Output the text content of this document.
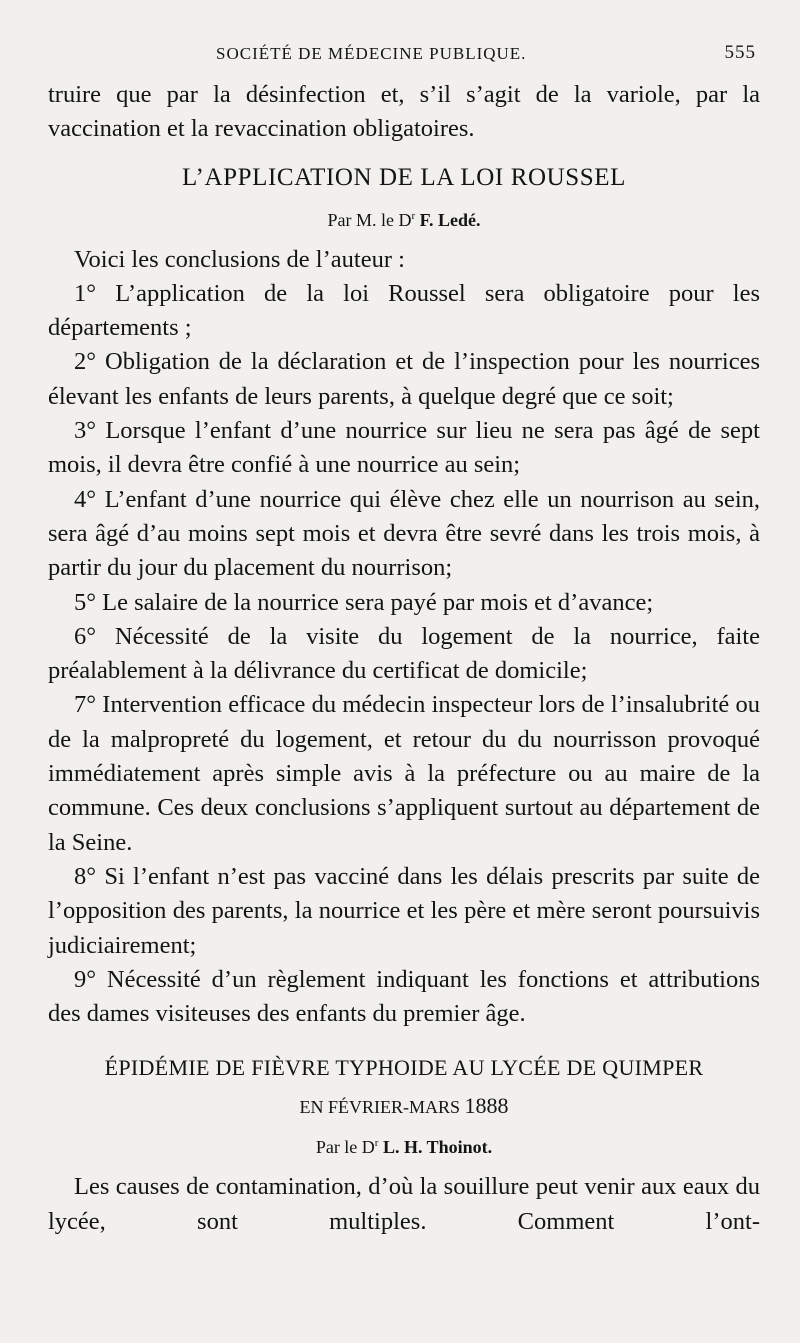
SOCIÉTÉ DE MÉDECINE PUBLIQUE.	555

truire que par la désinfection et, s’il s’agit de la variole, par la vaccination et la revaccination obligatoires.

L’APPLICATION DE LA LOI ROUSSEL
Par M. le $D^r$ F. Ledé.

Voici les conclusions de l’auteur :

1° L’application de la loi Roussel sera obligatoire pour les départements ;

2° Obligation de la déclaration et de l’inspection pour les nourrices élevant les enfants de leurs parents, à quelque degré que ce soit;

3° Lorsque l’enfant d’une nourrice sur lieu ne sera pas âgé de sept mois, il devra être confié à une nourrice au sein;

4° L’enfant d’une nourrice qui élève chez elle un nourrison au sein, sera âgé d’au moins sept mois et devra être sevré dans les trois mois, à partir du jour du placement du nourrison;

5° Le salaire de la nourrice sera payé par mois et d’avance;

6° Nécessité de la visite du logement de la nourrice, faite préalablement à la délivrance du certificat de domicile;

7° Intervention efficace du médecin inspecteur lors de l’insalubrité ou de la malpropreté du logement, et retour du du nourrisson provoqué immédiatement après simple avis à la préfecture ou au maire de la commune. Ces deux conclusions s’appliquent surtout au département de la Seine.

8° Si l’enfant n’est pas vacciné dans les délais prescrits par suite de l’opposition des parents, la nourrice et les père et mère seront poursuivis judiciairement;

9° Nécessité d’un règlement indiquant les fonctions et attributions des dames visiteuses des enfants du premier âge.

ÉPIDÉMIE DE FIÈVRE TYPHOIDE AU LYCÉE DE QUIMPER
EN FÉVRIER-MARS 1888
Par le $D^r$ L. H. Thoinot.

Les causes de contamination, d’où la souillure peut venir aux eaux du lycée, sont multiples. Comment l’ont-
